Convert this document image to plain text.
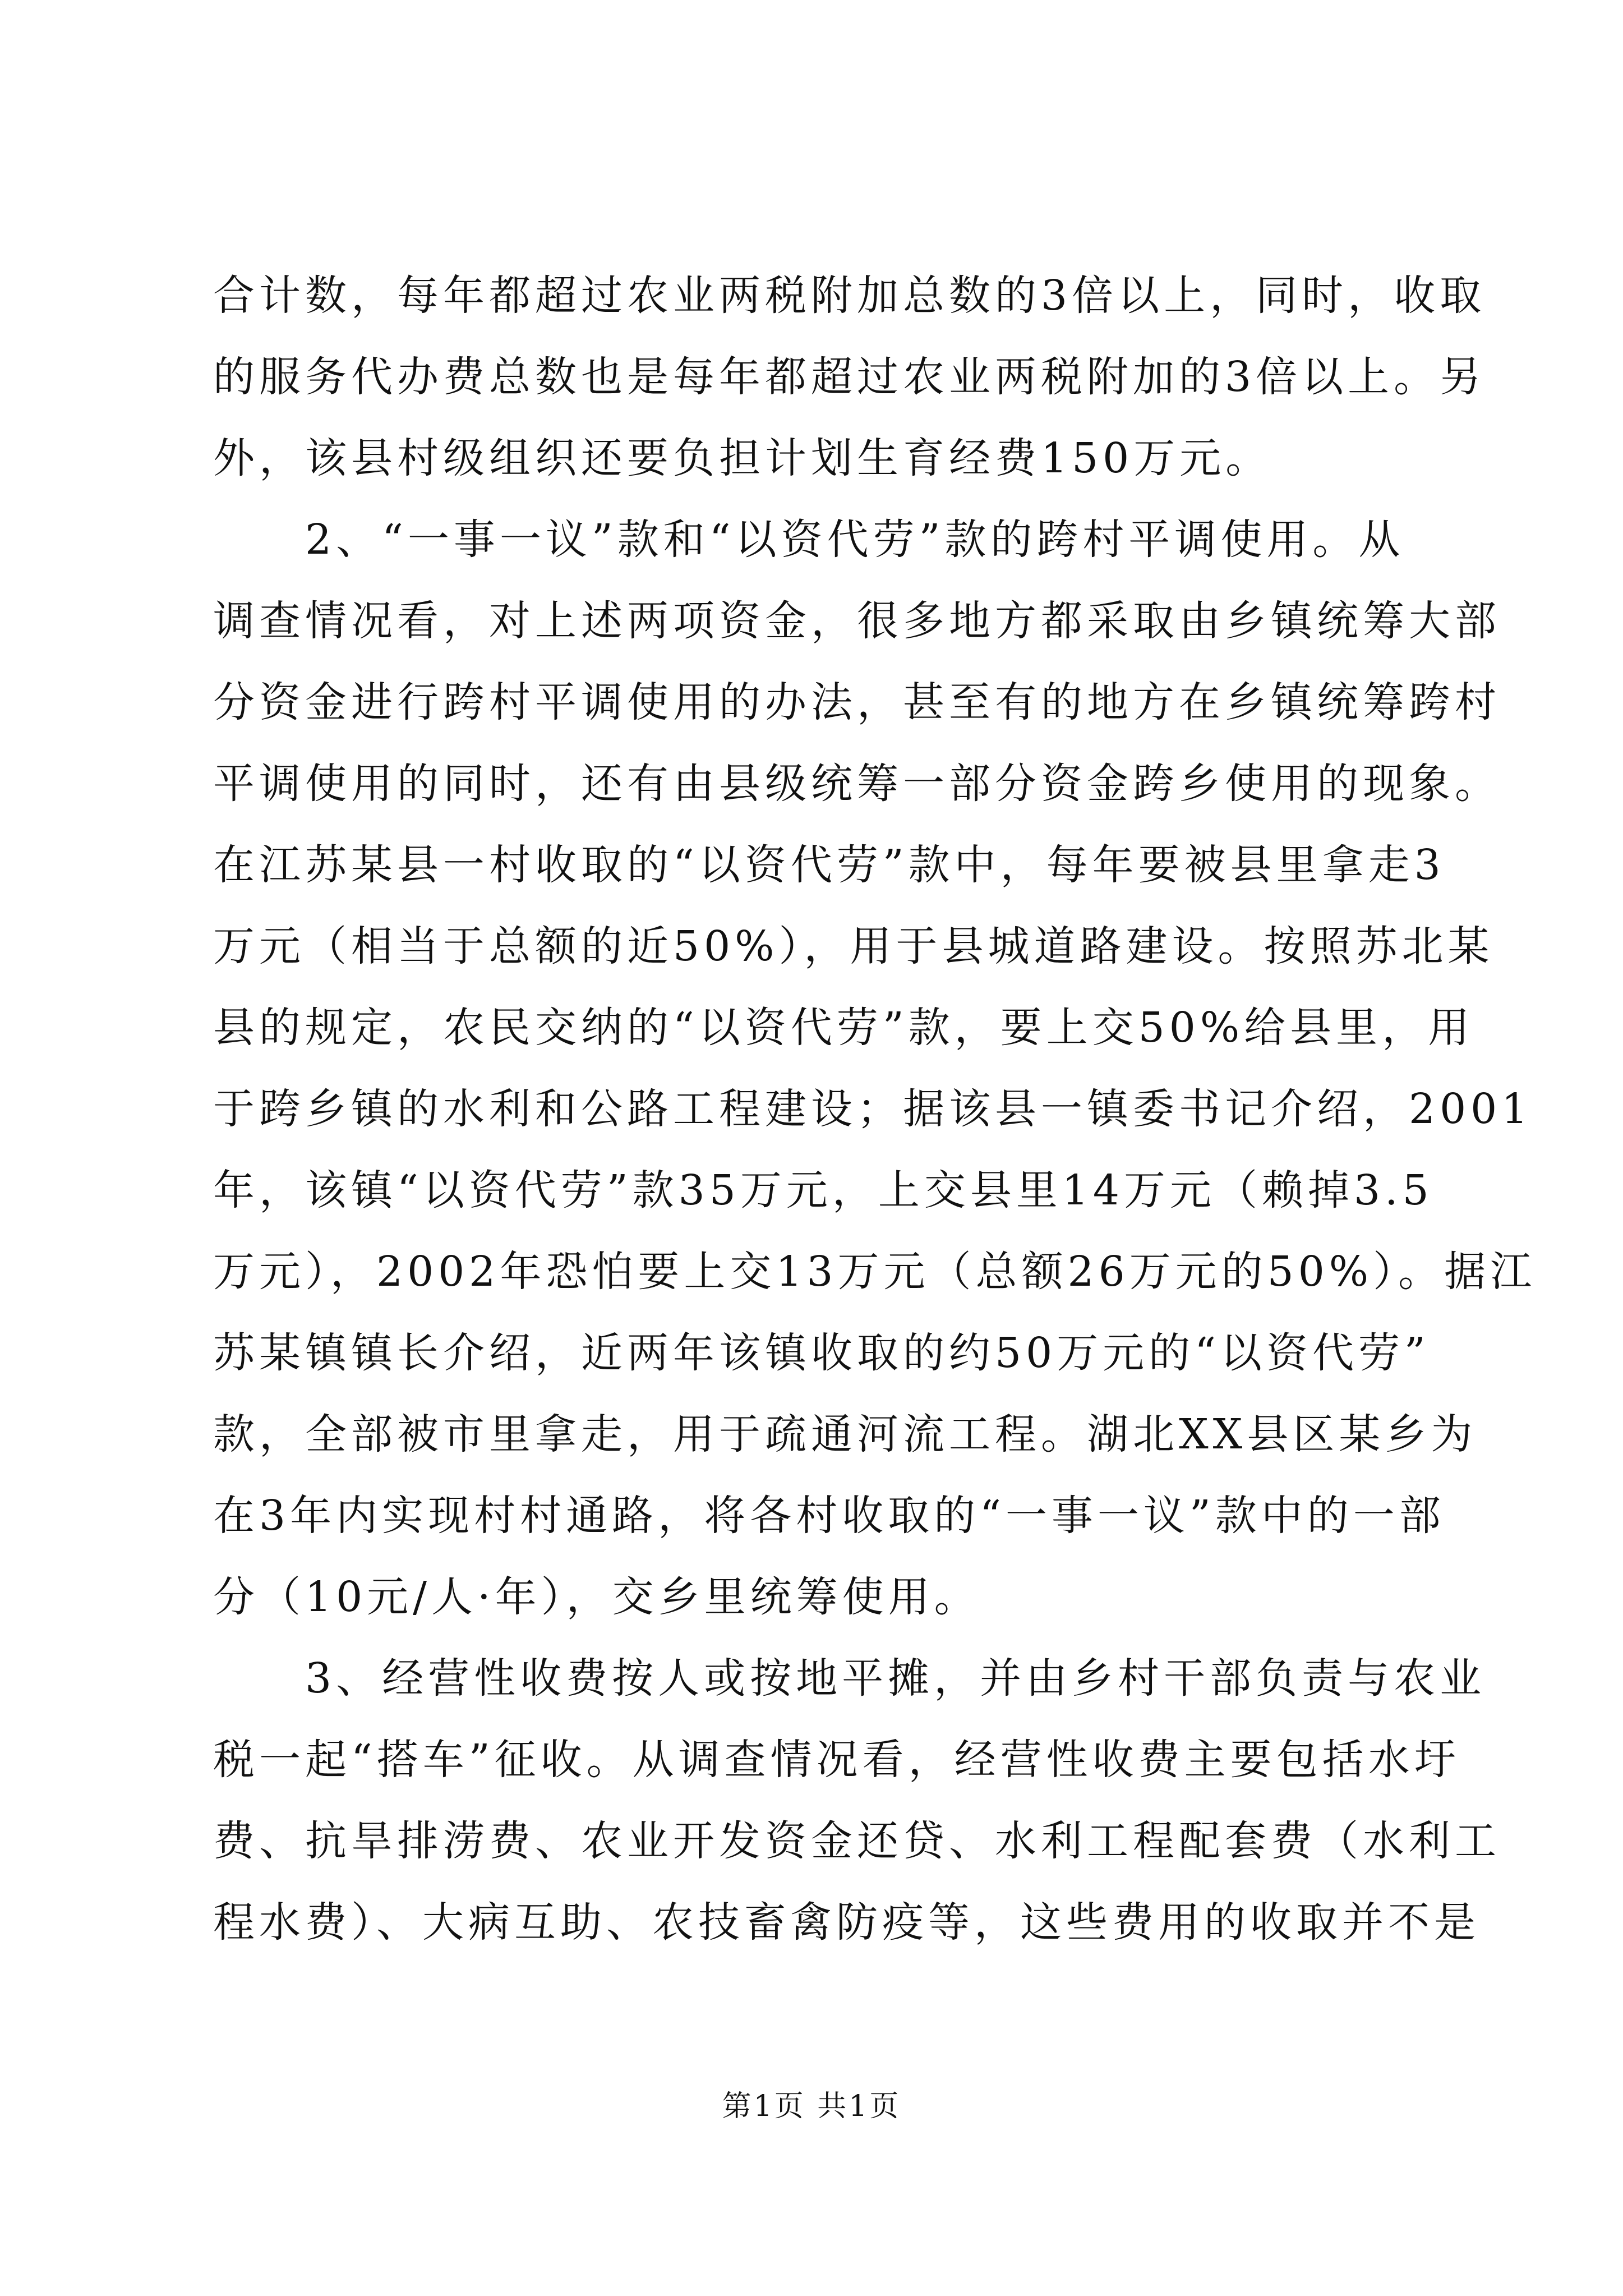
合计数，每年都超过农业两税附加总数的3倍以上，同时，收取
的服务代办费总数也是每年都超过农业两税附加的3倍以上。另
外，该县村级组织还要负担计划生育经费150万元。
2、“一事一议”款和“以资代劳”款的跨村平调使用。从
调查情况看，对上述两项资金，很多地方都采取由乡镇统筹大部
分资金进行跨村平调使用的办法，甚至有的地方在乡镇统筹跨村
平调使用的同时，还有由县级统筹一部分资金跨乡使用的现象。
在江苏某县一村收取的“以资代劳”款中，每年要被县里拿走3
万元（相当于总额的近50%），用于县城道路建设。按照苏北某
县的规定，农民交纳的“以资代劳”款，要上交50%给县里，用
于跨乡镇的水利和公路工程建设；据该县一镇委书记介绍，2001
年，该镇“以资代劳”款35万元，上交县里14万元（赖掉3.5
万元），2002年恐怕要上交13万元（总额26万元的50%）。据江
苏某镇镇长介绍，近两年该镇收取的约50万元的“以资代劳”
款，全部被市里拿走，用于疏通河流工程。湖北XX县区某乡为
在3年内实现村村通路，将各村收取的“一事一议”款中的一部
分（10元/人·年），交乡里统筹使用。
3、经营性收费按人或按地平摊，并由乡村干部负责与农业
税一起“搭车”征收。从调查情况看，经营性收费主要包括水圩
费、抗旱排涝费、农业开发资金还贷、水利工程配套费（水利工
程水费）、大病互助、农技畜禽防疫等，这些费用的收取并不是
第1页 共1页
